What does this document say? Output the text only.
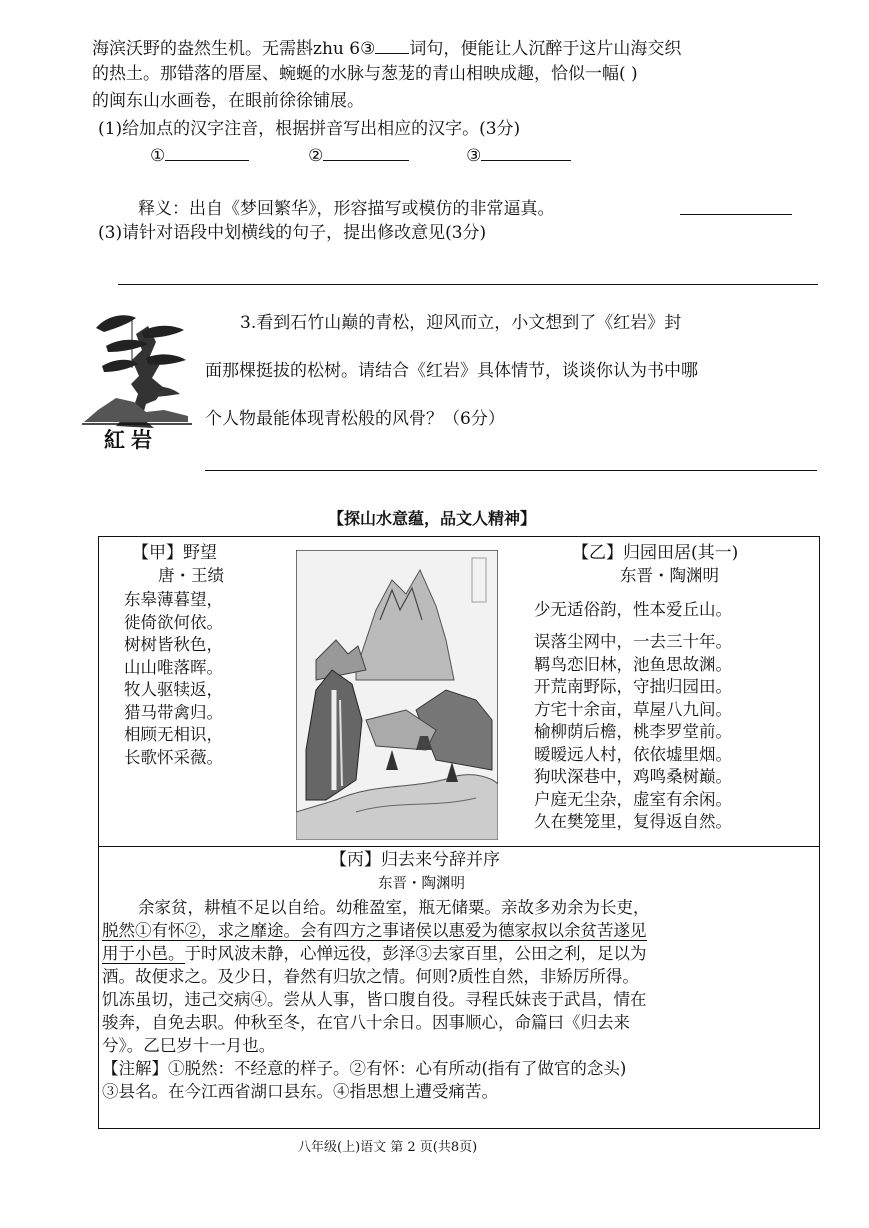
海滨沃野的盎然生机。无需斟zhu 6③ 词句，便能让人沉醉于这片山海交织
的热土。那错落的厝屋、蜿蜒的水脉与葱茏的青山相映成趣，恰似一幅( )
的闽东山水画卷，在眼前徐徐铺展。
(1)给加点的汉字注音，根据拼音写出相应的汉字。(3分)
①	②	③
释义：出自《梦回繁华》，形容描写或模仿的非常逼真。
(3)请针对语段中划横线的句子，提出修改意见(3分)
紅岩
3.看到石竹山巅的青松，迎风而立，小文想到了《红岩》封
面那棵挺拔的松树。请结合《红岩》具体情节，谈谈你认为书中哪
个人物最能体现青松般的风骨？（6分）
【探山水意蕴，品文人精神】
【甲】野望
唐・王绩
东皋薄暮望，
徙倚欲何依。
树树皆秋色，
山山唯落晖。
牧人驱犊返，
猎马带禽归。
相顾无相识，
长歌怀采薇。
【乙】归园田居(其一)
东晋・陶渊明
少无适俗韵，性本爱丘山。
误落尘网中，一去三十年。
羁鸟恋旧林，池鱼思故渊。
开荒南野际，守拙归园田。
方宅十余亩，草屋八九间。
榆柳荫后檐，桃李罗堂前。
暧暧远人村，依依墟里烟。
狗吠深巷中，鸡鸣桑树巅。
户庭无尘杂，虚室有余闲。
久在樊笼里，复得返自然。
【丙】归去来兮辞并序
东晋・陶渊明
余家贫，耕植不足以自给。幼稚盈室，瓶无储粟。亲故多劝余为长吏，
脱然①有怀②，求之靡途。会有四方之事诸侯以惠爱为德家叔以余贫苦遂见
用于小邑。于时风波未静，心惮远役，彭泽③去家百里，公田之利，足以为
酒。故便求之。及少日，眷然有归欤之情。何则?质性自然，非矫厉所得。
饥冻虽切，违己交病④。尝从人事，皆口腹自役。寻程氏妹丧于武昌，情在
骏奔，自免去职。仲秋至冬，在官八十余日。因事顺心，命篇曰《归去来
兮》。乙巳岁十一月也。
【注解】①脱然：不经意的样子。②有怀：心有所动(指有了做官的念头)
③县名。在今江西省湖口县东。④指思想上遭受痛苦。
八年级(上)语文 第 2 页(共8页)
